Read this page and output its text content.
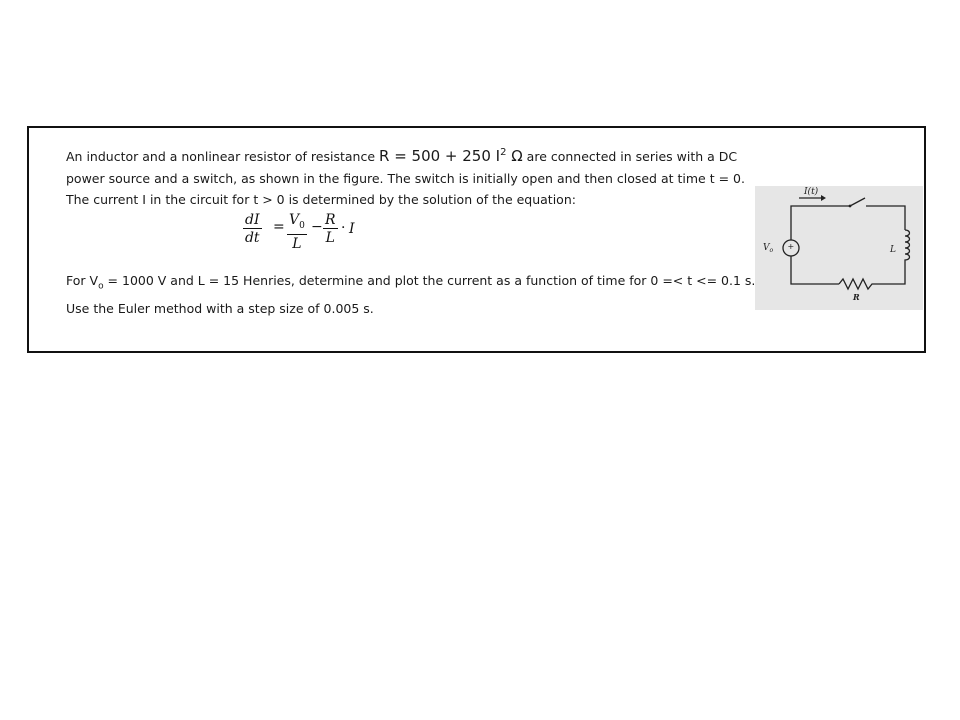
An inductor and a nonlinear resistor of resistance R = 500 + 250 $I^2$ Ω are connected in series with a DC power source and a switch, as shown in the figure. The switch is initially open and then closed at time t = 0. The current I in the circuit for t > 0 is determined by the solution of the equation:

$\frac{dI}{dt} = \frac{V_0}{L} - \frac{R}{L} \cdot I$

For $V_o = 1000$ V and L = 15 Henries, determine and plot the current as a function of time for 0 =< t <= 0.1 s.
Use the Euler method with a step size of 0.005 s.

+
I(t)
$V_o$	L
R
